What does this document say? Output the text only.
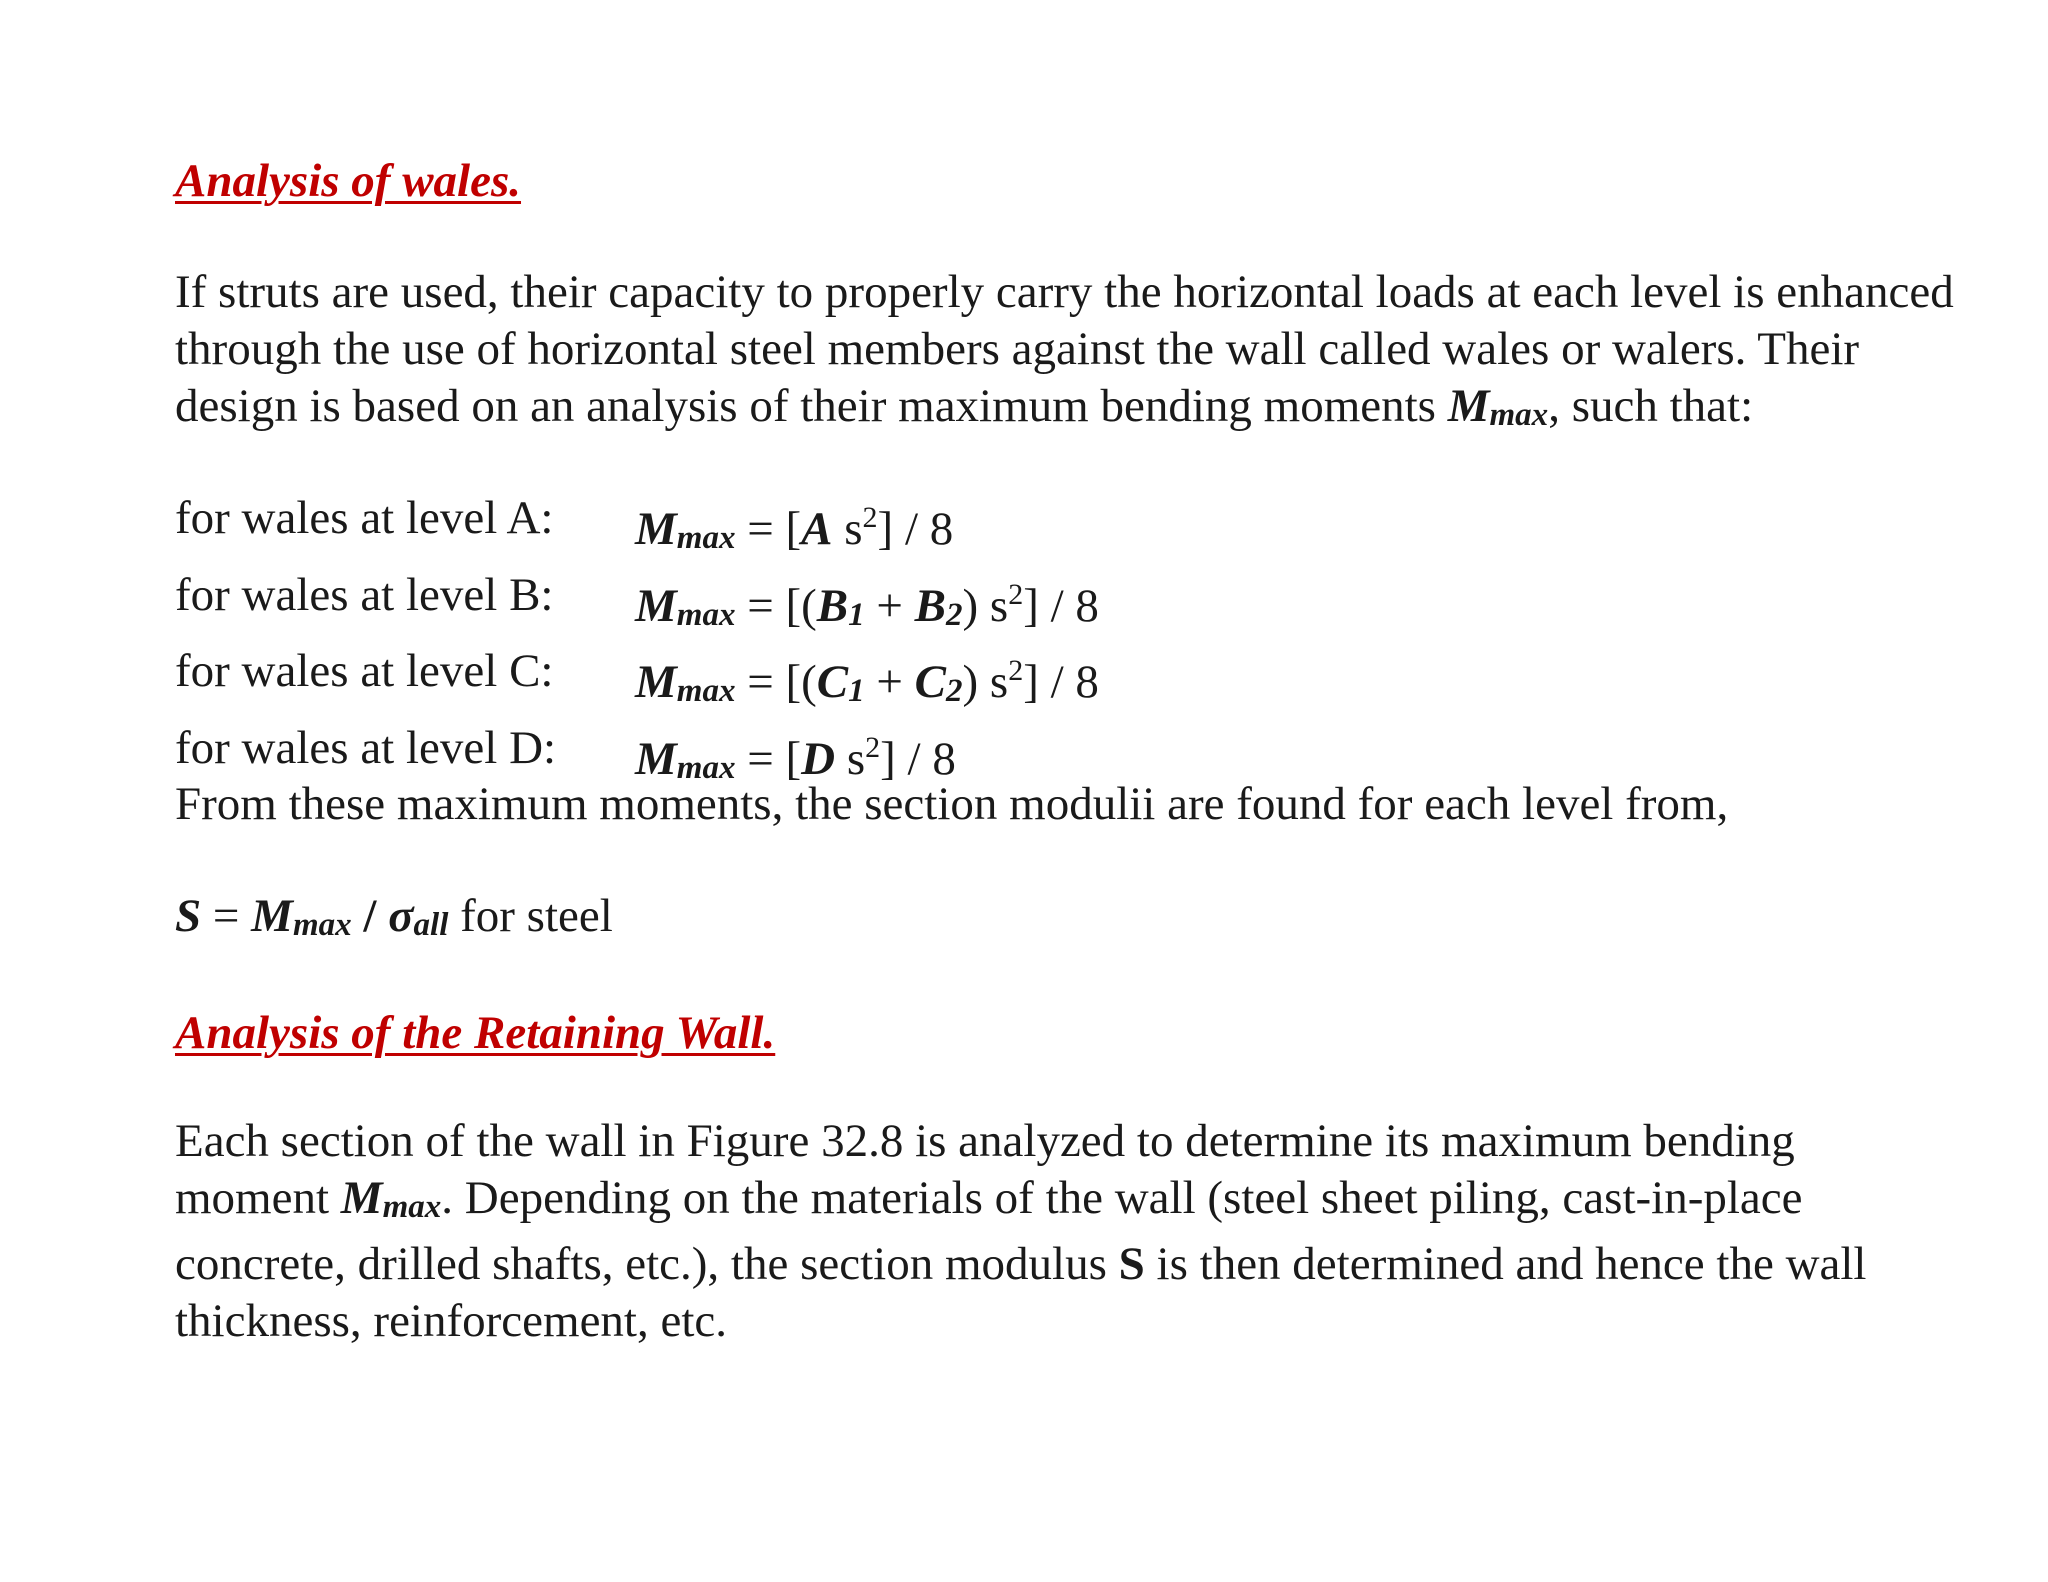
Analysis of wales.

If struts are used, their capacity to properly carry the horizontal loads at each level is enhanced
through the use of horizontal steel members against the wall called wales or walers. Their
design is based on an analysis of their maximum bending moments Mmax, such that:

for wales at level A:	Mmax = [A $s^2] / 8$
for wales at level B:	Mmax = [(B1 + B2) $s^2] / 8$
for wales at level C:	Mmax = [(C1 + C2) $s^2] / 8$
for wales at level D:	Mmax = [D $s^2] / 8$

From these maximum moments, the section modulii are found for each level from,

S = Mmax / σall for steel
Analysis of the Retaining Wall.

Each section of the wall in Figure 32.8 is analyzed to determine its maximum bending
moment Mmax. Depending on the materials of the wall (steel sheet piling, cast-in-place
concrete, drilled shafts, etc.), the section modulus S is then determined and hence the wall
thickness, reinforcement, etc.
